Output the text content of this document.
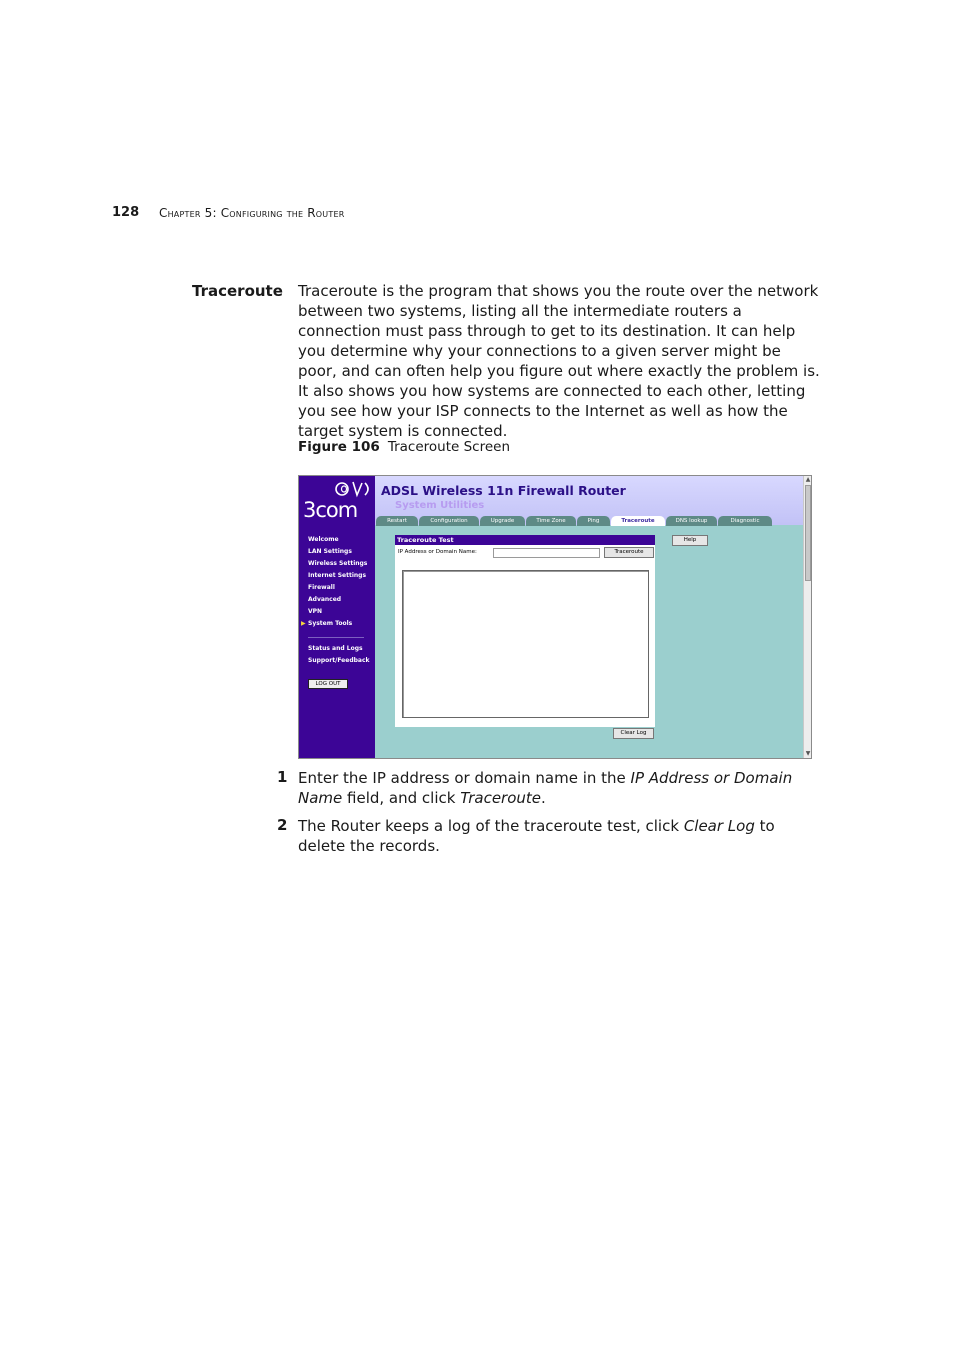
128 Chapter 5: Configuring the Router
Traceroute Traceroute is the program that shows you the route over the network between two systems, listing all the intermediate routers a connection must pass through to get to its destination. It can help you determine why your connections to a given server might be poor, and can often help you figure out where exactly the problem is. It also shows you how systems are connected to each other, letting you see how your ISP connects to the Internet as well as how the target system is connected.
Figure 106 Traceroute Screen
3com
Welcome
LAN Settings
Wireless Settings
Internet Settings
Firewall
Advanced
VPN
▶ System Tools
Status and Logs
Support/Feedback
LOG OUT
ADSL Wireless 11n Firewall Router
System Utilities
Restart	Configuration	Upgrade	Time Zone	Ping	Traceroute	DNS lookup	Diagnostic
▲
▼
Traceroute Test
IP Address or Domain Name:	Traceroute
Help
Clear Log
1 Enter the IP address or domain name in the IP Address or Domain Name field, and click Traceroute.
2 The Router keeps a log of the traceroute test, click Clear Log to delete the records.
